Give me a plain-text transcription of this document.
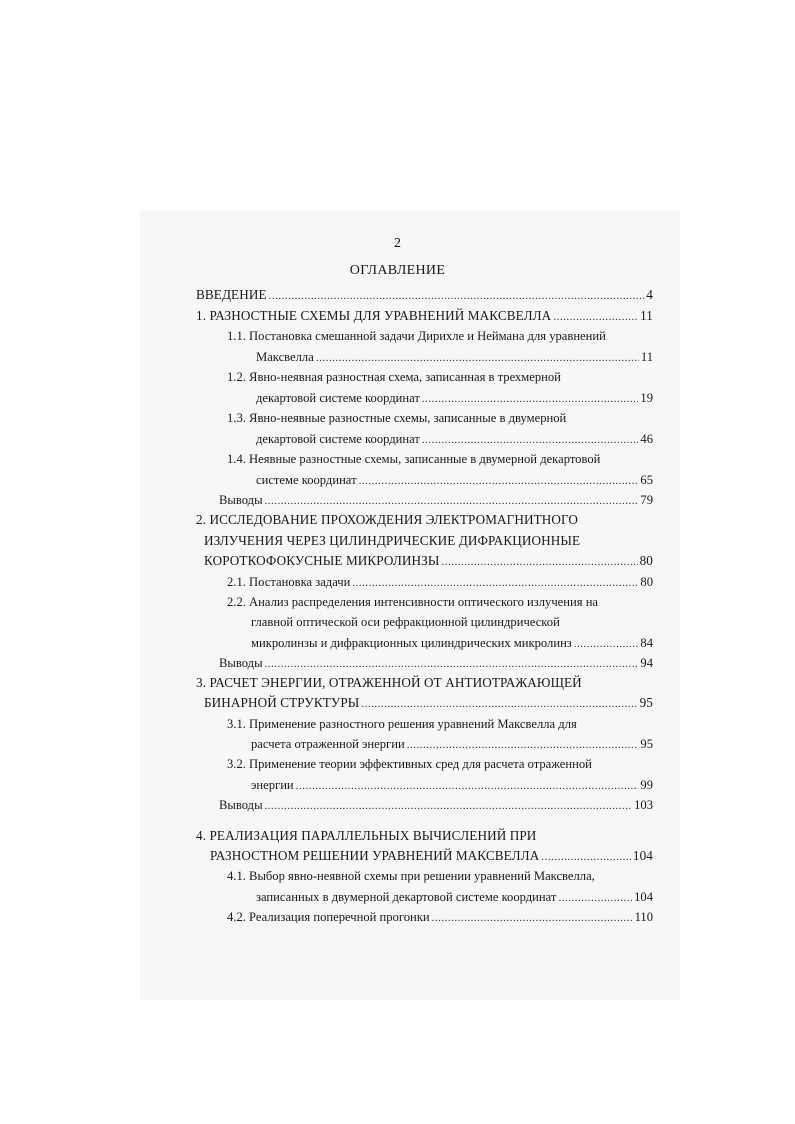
2
ОГЛАВЛЕНИЕ
ВВЕДЕНИЕ .....	4
1. РАЗНОСТНЫЕ СХЕМЫ ДЛЯ УРАВНЕНИЙ МАКСВЕЛЛА .....	11
1.1. Постановка смешанной задачи Дирихле и Неймана для уравнений
Максвелла .....	11
1.2. Явно-неявная разностная схема, записанная в трехмерной
декартовой системе координат .....	19
1.3. Явно-неявные разностные схемы, записанные в двумерной
декартовой системе координат .....	46
1.4. Неявные разностные схемы, записанные в двумерной декартовой
системе координат .....	65
Выводы .....	79
2. ИССЛЕДОВАНИЕ ПРОХОЖДЕНИЯ ЭЛЕКТРОМАГНИТНОГО
ИЗЛУЧЕНИЯ ЧЕРЕЗ ЦИЛИНДРИЧЕСКИЕ ДИФРАКЦИОННЫЕ
КОРОТКОФОКУСНЫЕ МИКРОЛИНЗЫ .....	80
2.1. Постановка задачи .....	80
2.2. Анализ распределения интенсивности оптического излучения на
главной оптической оси рефракционной цилиндрической
микролинзы и дифракционных цилиндрических микролинз .....	84
Выводы .....	94
3. РАСЧЕТ ЭНЕРГИИ, ОТРАЖЕННОЙ ОТ АНТИОТРАЖАЮЩЕЙ
БИНАРНОЙ СТРУКТУРЫ .....	95
3.1. Применение разностного решения уравнений Максвелла для
расчета отраженной энергии .....	95
3.2. Применение теории эффективных сред для расчета отраженной
энергии .....	99
Выводы .....	103
4. РЕАЛИЗАЦИЯ ПАРАЛЛЕЛЬНЫХ ВЫЧИСЛЕНИЙ ПРИ
РАЗНОСТНОМ РЕШЕНИИ УРАВНЕНИЙ МАКСВЕЛЛА .....	104
4.1. Выбор явно-неявной схемы при решении уравнений Максвелла,
записанных в двумерной декартовой системе координат .....	104
4.2. Реализация поперечной прогонки .....	110
